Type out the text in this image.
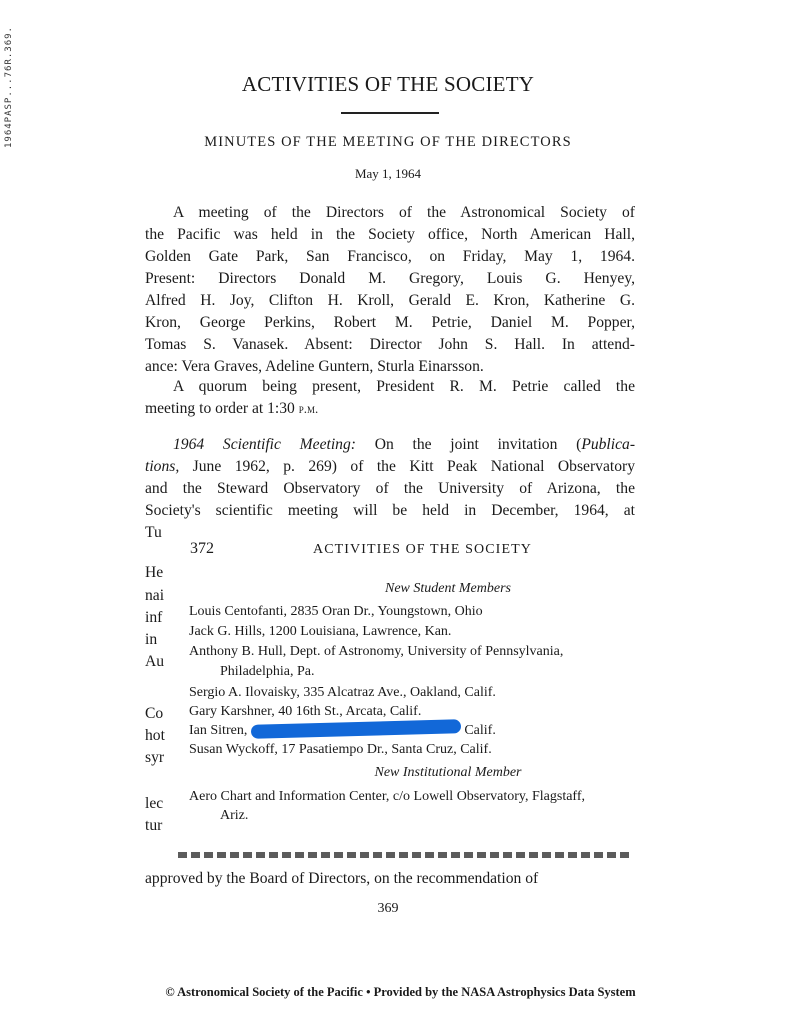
1964PASP...76R.369.	ACTIVITIES OF THE SOCIETY
MINUTES OF THE MEETING OF THE DIRECTORS
May 1, 1964
A meeting of the Directors of the Astronomical Society of
the Pacific was held in the Society office, North American Hall,
Golden Gate Park, San Francisco, on Friday, May 1, 1964.
Present: Directors Donald M. Gregory, Louis G. Henyey,
Alfred H. Joy, Clifton H. Kroll, Gerald E. Kron, Katherine G.
Kron, George Perkins, Robert M. Petrie, Daniel M. Popper,
Tomas S. Vanasek. Absent: Director John S. Hall. In attend-
ance: Vera Graves, Adeline Guntern, Sturla Einarsson.
A quorum being present, President R. M. Petrie called the
meeting to order at 1:30 p.m.
1964 Scientific Meeting: On the joint invitation (Publica-
tions, June 1962, p. 269) of the Kitt Peak National Observatory
and the Steward Observatory of the University of Arizona, the
Society's scientific meeting will be held in December, 1964, at
Tu
He
nai
inf
in
Au
Co
hot
syr
lec
tur
372	ACTIVITIES OF THE SOCIETY
New Student Members
Louis Centofanti, 2835 Oran Dr., Youngstown, Ohio
Jack G. Hills, 1200 Louisiana, Lawrence, Kan.
Anthony B. Hull, Dept. of Astronomy, University of Pennsylvania,
Philadelphia, Pa.
Sergio A. Ilovaisky, 335 Alcatraz Ave., Oakland, Calif.
Gary Karshner, 40 16th St., Arcata, Calif.
Ian Sitren,	Calif.
Susan Wyckoff, 17 Pasatiempo Dr., Santa Cruz, Calif.
New Institutional Member
Aero Chart and Information Center, c/o Lowell Observatory, Flagstaff,
Ariz.
approved by the Board of Directors, on the recommendation of
369
© Astronomical Society of the Pacific • Provided by the NASA Astrophysics Data System
